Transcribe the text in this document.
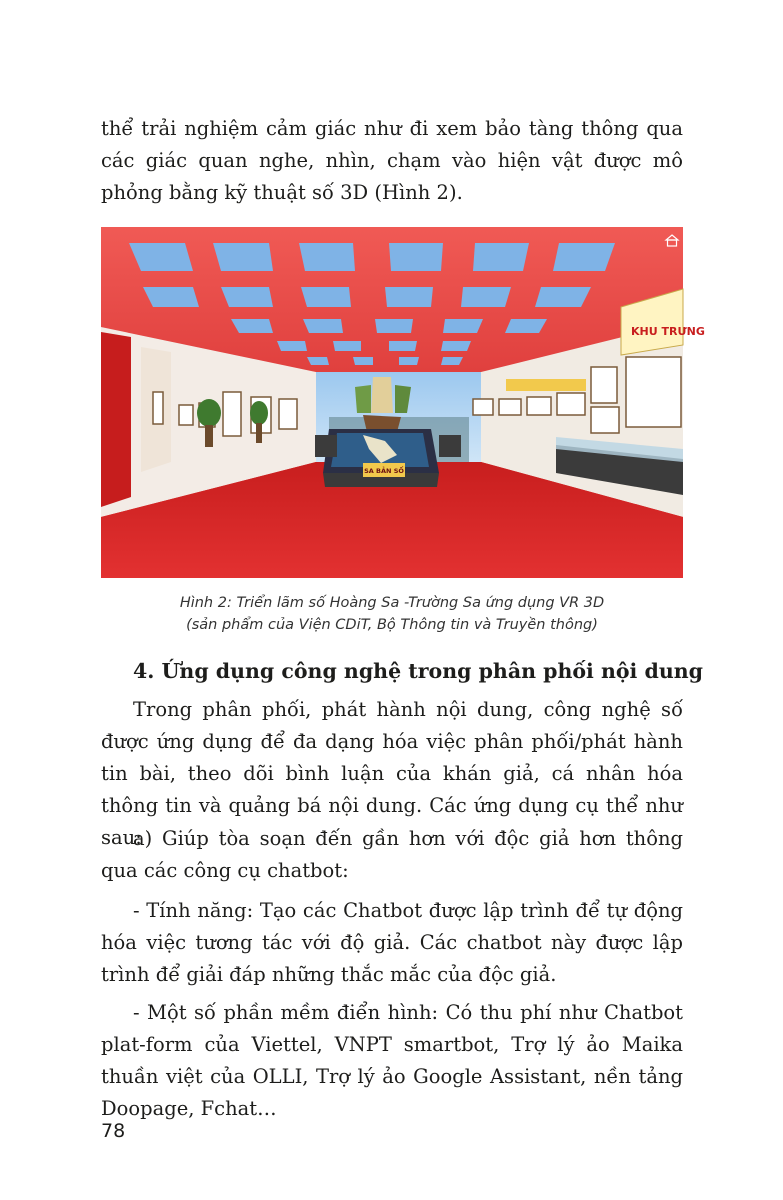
thể trải nghiệm cảm giác như đi xem bảo tàng thông qua các giác quan nghe, nhìn, chạm vào hiện vật được mô phỏng bằng kỹ thuật số 3D (Hình 2).

KHU TRƯNG
SA BẢN SỐ

Hình 2: Triển lãm số Hoàng Sa -Trường Sa ứng dụng VR 3D

(sản phẩm của Viện CDiT, Bộ Thông tin và Truyền thông)

4. Ứng dụng công nghệ trong phân phối nội dung

Trong phân phối, phát hành nội dung, công nghệ số được ứng dụng để đa dạng hóa việc phân phối/phát hành tin bài, theo dõi bình luận của khán giả, cá nhân hóa thông tin và quảng bá nội dung. Các ứng dụng cụ thể như sau:

a) Giúp tòa soạn đến gần hơn với độc giả hơn thông qua các công cụ chatbot:

- Tính năng: Tạo các Chatbot được lập trình để tự động hóa việc tương tác với độ giả. Các chatbot này được lập trình để giải đáp những thắc mắc của độc giả.

- Một số phần mềm điển hình: Có thu phí như Chatbot plat-form của Viettel, VNPT smartbot, Trợ lý ảo Maika thuần việt của OLLI, Trợ lý ảo Google Assistant, nền tảng Doopage, Fchat…

78
